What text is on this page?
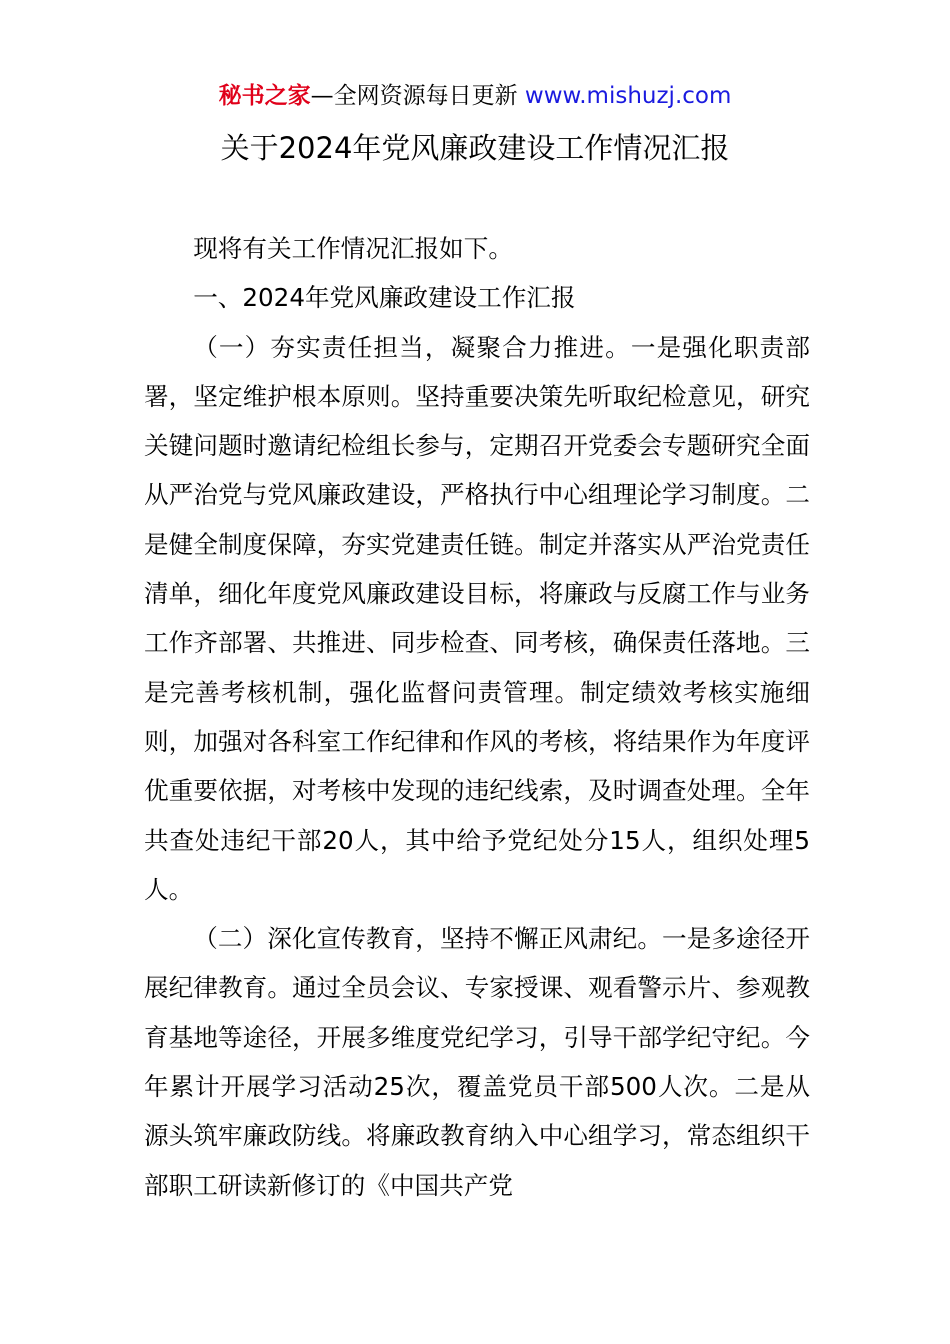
秘书之家—全网资源每日更新 www.mishuzj.com
关于2024年党风廉政建设工作情况汇报

现将有关工作情况汇报如下。

一、2024年党风廉政建设工作汇报

（一）夯实责任担当，凝聚合力推进。一是强化职责部署，坚定维护根本原则。坚持重要决策先听取纪检意见，研究关键问题时邀请纪检组长参与，定期召开党委会专题研究全面从严治党与党风廉政建设，严格执行中心组理论学习制度。二是健全制度保障，夯实党建责任链。制定并落实从严治党责任清单，细化年度党风廉政建设目标，将廉政与反腐工作与业务工作齐部署、共推进、同步检查、同考核，确保责任落地。三是完善考核机制，强化监督问责管理。制定绩效考核实施细则，加强对各科室工作纪律和作风的考核，将结果作为年度评优重要依据，对考核中发现的违纪线索，及时调查处理。全年共查处违纪干部20人，其中给予党纪处分15人，组织处理5人。

（二）深化宣传教育，坚持不懈正风肃纪。一是多途径开展纪律教育。通过全员会议、专家授课、观看警示片、参观教育基地等途径，开展多维度党纪学习，引导干部学纪守纪。今年累计开展学习活动25次，覆盖党员干部500人次。二是从源头筑牢廉政防线。将廉政教育纳入中心组学习，常态组织干部职工研读新修订的《中国共产党
